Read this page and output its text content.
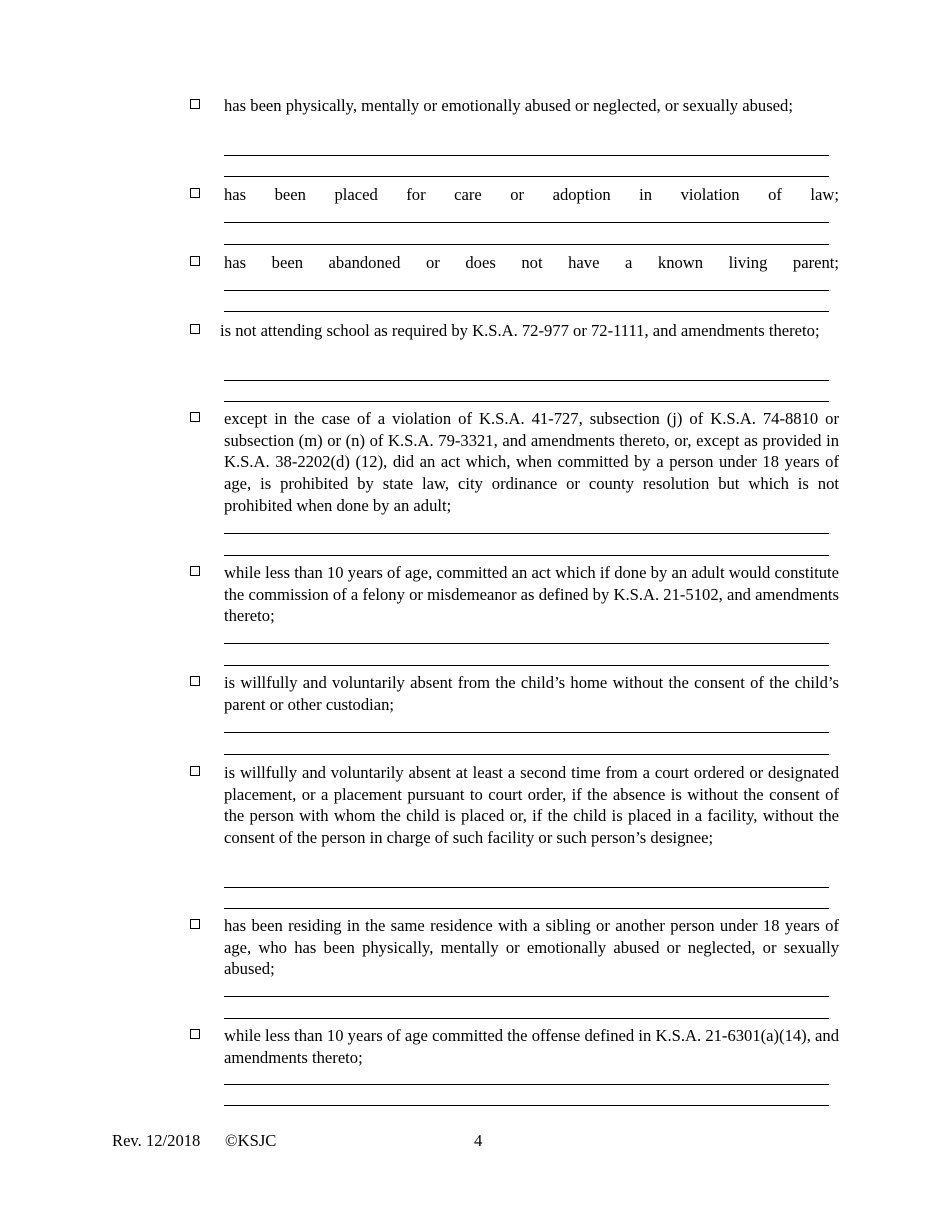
has been physically, mentally or emotionally abused or neglected, or sexually abused;
has been placed for care or adoption in violation of law;
has been abandoned or does not have a known living parent;
is not attending school as required by K.S.A. 72-977 or 72-1111, and amendments thereto;
except in the case of a violation of K.S.A. 41-727, subsection (j) of K.S.A. 74-8810 or subsection (m) or (n) of K.S.A. 79-3321, and amendments thereto, or, except as provided in K.S.A. 38-2202(d) (12), did an act which, when committed by a person under 18 years of age, is prohibited by state law, city ordinance or county resolution but which is not prohibited when done by an adult;
while less than 10 years of age, committed an act which if done by an adult would constitute the commission of a felony or misdemeanor as defined by K.S.A. 21-5102, and amendments thereto;
is willfully and voluntarily absent from the child’s home without the consent of the child’s parent or other custodian;
is willfully and voluntarily absent at least a second time from a court ordered or designated placement, or a placement pursuant to court order, if the absence is without the consent of the person with whom the child is placed or, if the child is placed in a facility, without the consent of the person in charge of such facility or such person’s designee;
has been residing in the same residence with a sibling or another person under 18 years of age, who has been physically, mentally or emotionally abused or neglected, or sexually abused;
while less than 10 years of age committed the offense defined in K.S.A. 21-6301(a)(14), and amendments thereto;
Rev. 12/2018 ©KSJC	4
